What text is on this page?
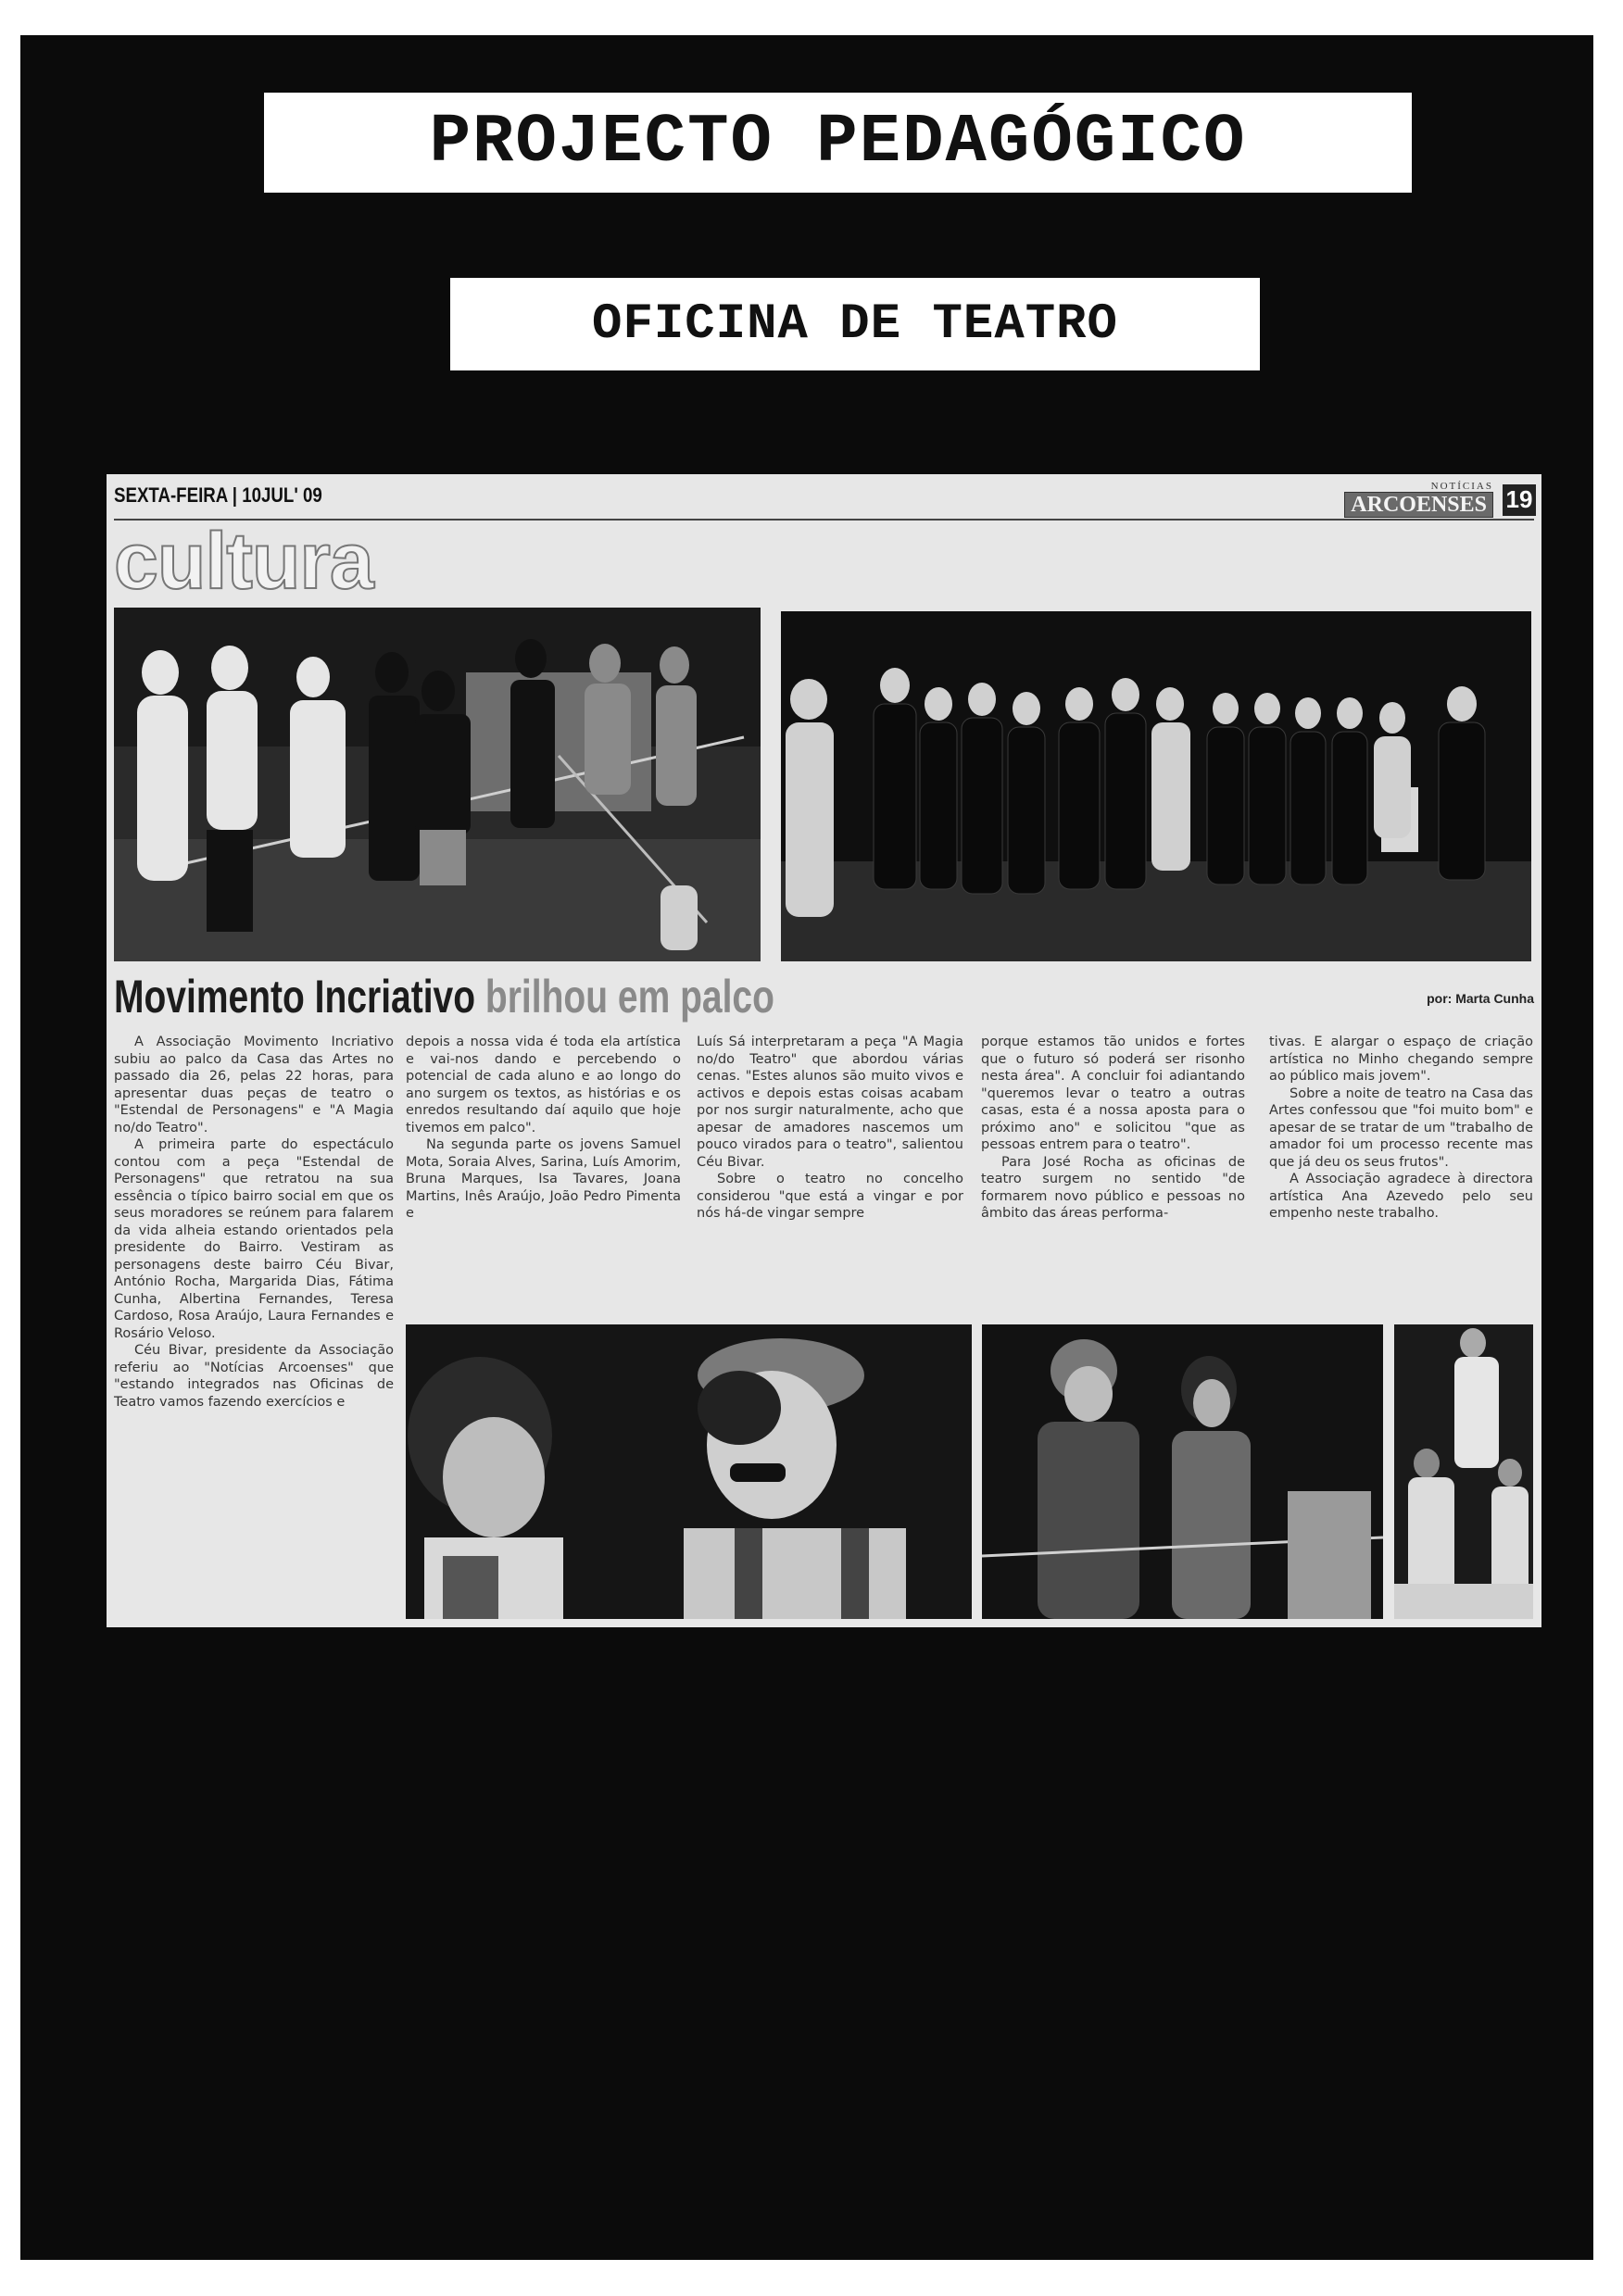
PROJECTO PEDAGÓGICO
OFICINA DE TEATRO
SEXTA-FEIRA | 10JUL' 09	NOTÍCIAS
ARCOENSES 19
cultura
Movimento Incriativo brilhou em palco	por: Marta Cunha

A Associação Movimento Incriativo subiu ao palco da Casa das Artes no passado dia 26, pelas 22 horas, para apresentar duas peças de teatro o "Estendal de Personagens" e "A Magia no/do Teatro".

A primeira parte do espectáculo contou com a peça "Estendal de Personagens" que retratou na sua essência o típico bairro social em que os seus moradores se reúnem para falarem da vida alheia estando orientados pela presidente do Bairro. Vestiram as personagens deste bairro Céu Bivar, António Rocha, Margarida Dias, Fátima Cunha, Albertina Fernandes, Teresa Cardoso, Rosa Araújo, Laura Fernandes e Rosário Veloso.

Céu Bivar, presidente da Associação referiu ao "Notícias Arcoenses" que "estando integrados nas Oficinas de Teatro vamos fazendo exercícios e

depois a nossa vida é toda ela artística e vai-nos dando e percebendo o potencial de cada aluno e ao longo do ano surgem os textos, as histórias e os enredos resultando daí aquilo que hoje tivemos em palco".

Na segunda parte os jovens Samuel Mota, Soraia Alves, Sarina, Luís Amorim, Bruna Marques, Isa Tavares, Joana Martins, Inês Araújo, João Pedro Pimenta e

Luís Sá interpretaram a peça "A Magia no/do Teatro" que abordou várias cenas. "Estes alunos são muito vivos e activos e depois estas coisas acabam por nos surgir naturalmente, acho que apesar de amadores nascemos um pouco virados para o teatro", salientou Céu Bivar.

Sobre o teatro no concelho considerou "que está a vingar e por nós há-de vingar sempre

porque estamos tão unidos e fortes que o futuro só poderá ser risonho nesta área". A concluir foi adiantando "queremos levar o teatro a outras casas, esta é a nossa aposta para o próximo ano" e solicitou "que as pessoas entrem para o teatro".

Para José Rocha as oficinas de teatro surgem no sentido "de formarem novo público e pessoas no âmbito das áreas performa-

tivas. E alargar o espaço de criação artística no Minho chegando sempre ao público mais jovem".

Sobre a noite de teatro na Casa das Artes confessou que "foi muito bom" e apesar de se tratar de um "trabalho de amador foi um processo recente mas que já deu os seus frutos".

A Associação agradece à directora artística Ana Azevedo pelo seu empenho neste trabalho.
